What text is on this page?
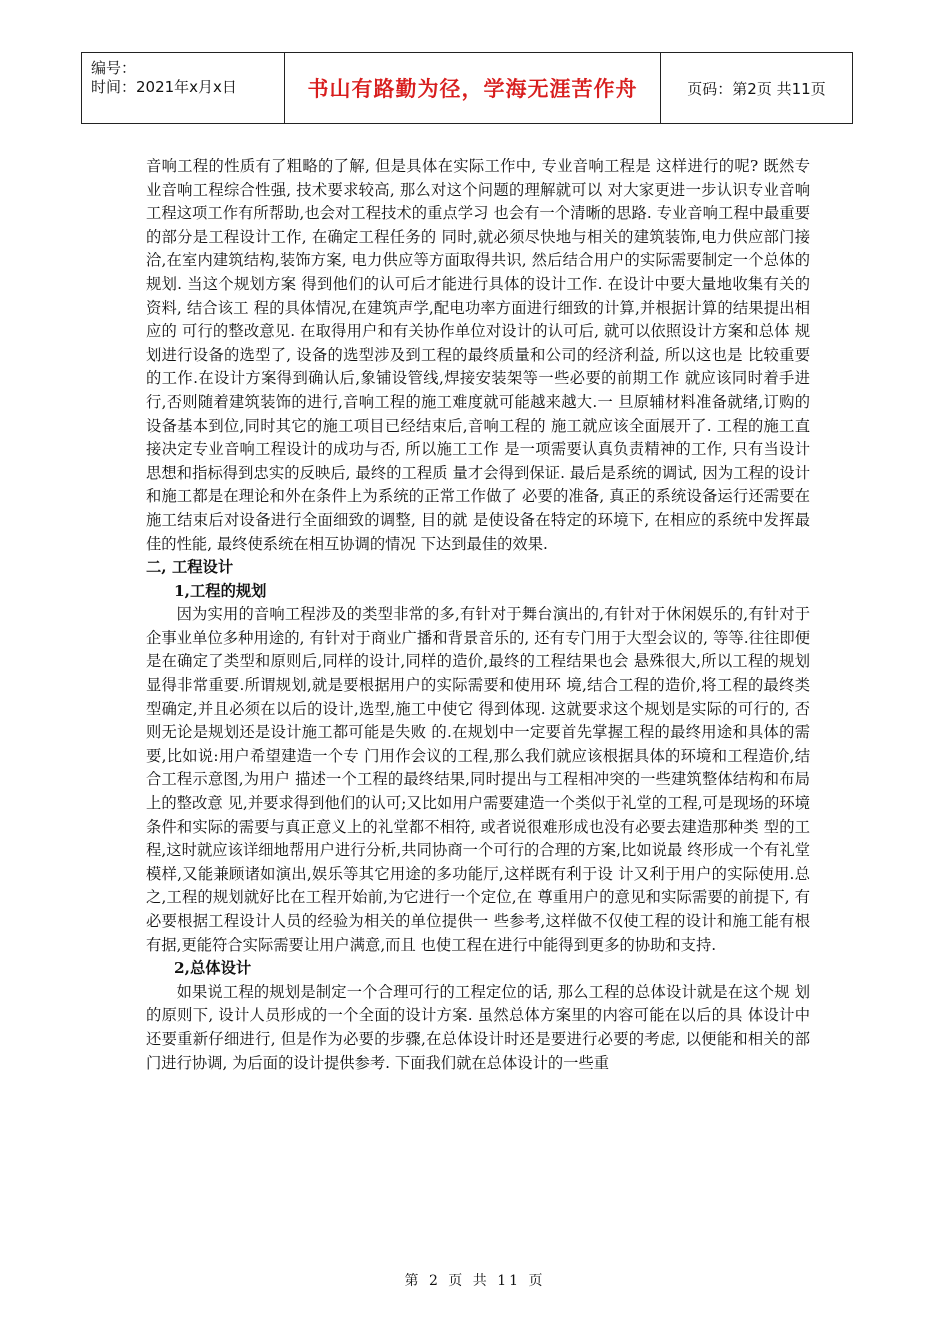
编号：
时间：2021年x月x日	书山有路勤为径，学海无涯苦作舟	页码：第2页 共11页

音响工程的性质有了粗略的了解, 但是具体在实际工作中, 专业音响工程是 这样进行的呢? 既然专业音响工程综合性强, 技术要求较高, 那么对这个问题的理解就可以 对大家更进一步认识专业音响工程这项工作有所帮助,也会对工程技术的重点学习 也会有一个清晰的思路. 专业音响工程中最重要的部分是工程设计工作, 在确定工程任务的 同时,就必须尽快地与相关的建筑装饰,电力供应部门接洽,在室内建筑结构,装饰方案, 电力供应等方面取得共识, 然后结合用户的实际需要制定一个总体的规划. 当这个规划方案 得到他们的认可后才能进行具体的设计工作. 在设计中要大量地收集有关的资料, 结合该工 程的具体情况,在建筑声学,配电功率方面进行细致的计算,并根据计算的结果提出相应的 可行的整改意见. 在取得用户和有关协作单位对设计的认可后, 就可以依照设计方案和总体 规划进行设备的选型了, 设备的选型涉及到工程的最终质量和公司的经济利益, 所以这也是 比较重要的工作.在设计方案得到确认后,象铺设管线,焊接安装架等一些必要的前期工作 就应该同时着手进行,否则随着建筑装饰的进行,音响工程的施工难度就可能越来越大.一 旦原辅材料准备就绪,订购的设备基本到位,同时其它的施工项目已经结束后,音响工程的 施工就应该全面展开了. 工程的施工直接决定专业音响工程设计的成功与否, 所以施工工作 是一项需要认真负责精神的工作, 只有当设计思想和指标得到忠实的反映后, 最终的工程质 量才会得到保证. 最后是系统的调试, 因为工程的设计和施工都是在理论和外在条件上为系统的正常工作做了 必要的准备, 真正的系统设备运行还需要在施工结束后对设备进行全面细致的调整, 目的就 是使设备在特定的环境下, 在相应的系统中发挥最佳的性能, 最终使系统在相互协调的情况 下达到最佳的效果.

二, 工程设计

1,工程的规划

因为实用的音响工程涉及的类型非常的多,有针对于舞台演出的,有针对于休闲娱乐的,有针对于企事业单位多种用途的, 有针对于商业广播和背景音乐的, 还有专门用于大型会议的, 等等.往往即便是在确定了类型和原则后,同样的设计,同样的造价,最终的工程结果也会 悬殊很大,所以工程的规划显得非常重要.所谓规划,就是要根据用户的实际需要和使用环 境,结合工程的造价,将工程的最终类型确定,并且必须在以后的设计,选型,施工中使它 得到体现. 这就要求这个规划是实际的可行的, 否则无论是规划还是设计施工都可能是失败 的.在规划中一定要首先掌握工程的最终用途和具体的需要,比如说:用户希望建造一个专 门用作会议的工程,那么我们就应该根据具体的环境和工程造价,结合工程示意图,为用户 描述一个工程的最终结果,同时提出与工程相冲突的一些建筑整体结构和布局上的整改意 见,并要求得到他们的认可;又比如用户需要建造一个类似于礼堂的工程,可是现场的环境 条件和实际的需要与真正意义上的礼堂都不相符, 或者说很难形成也没有必要去建造那种类 型的工程,这时就应该详细地帮用户进行分析,共同协商一个可行的合理的方案,比如说最 终形成一个有礼堂模样,又能兼顾诸如演出,娱乐等其它用途的多功能厅,这样既有利于设 计又利于用户的实际使用.总之,工程的规划就好比在工程开始前,为它进行一个定位,在 尊重用户的意见和实际需要的前提下, 有必要根据工程设计人员的经验为相关的单位提供一 些参考,这样做不仅使工程的设计和施工能有根有据,更能符合实际需要让用户满意,而且 也使工程在进行中能得到更多的协助和支持.

2,总体设计

如果说工程的规划是制定一个合理可行的工程定位的话, 那么工程的总体设计就是在这个规 划的原则下, 设计人员形成的一个全面的设计方案. 虽然总体方案里的内容可能在以后的具 体设计中还要重新仔细进行, 但是作为必要的步骤,在总体设计时还是要进行必要的考虑, 以便能和相关的部门进行协调, 为后面的设计提供参考. 下面我们就在总体设计的一些重

第 2 页 共 11 页
